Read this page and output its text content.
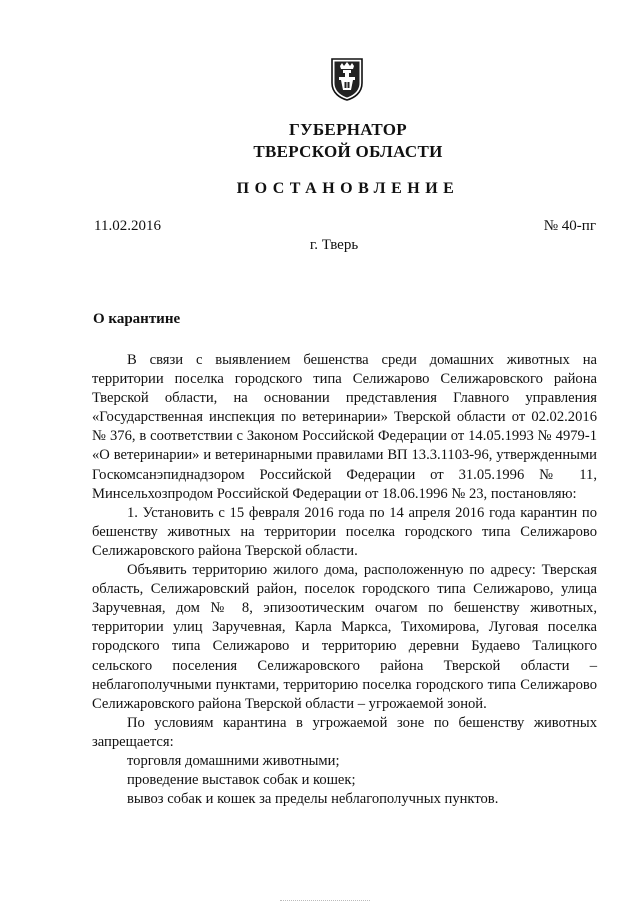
ГУБЕРНАТОР
ТВЕРСКОЙ ОБЛАСТИ
ПОСТАНОВЛЕНИЕ
11.02.2016	№ 40-пг
г. Тверь
О карантине

В связи с выявлением бешенства среди домашних животных на территории поселка городского типа Селижарово Селижаровского района Тверской области, на основании представления Главного управления «Государственная инспекция по ветеринарии» Тверской области от 02.02.2016 № 376, в соответствии с Законом Российской Федерации от 14.05.1993 № 4979-1 «О ветеринарии» и ветеринарными правилами ВП 13.3.1103-96, утвержденными Госкомсанэпиднадзором Российской Федерации от 31.05.1996 № 11, Минсельхозпродом Российской Федерации от 18.06.1996 № 23, постановляю:

1. Установить с 15 февраля 2016 года по 14 апреля 2016 года карантин по бешенству животных на территории поселка городского типа Селижарово Селижаровского района Тверской области.

Объявить территорию жилого дома, расположенную по адресу: Тверская область, Селижаровский район, поселок городского типа Селижарово, улица Заручевная, дом № 8, эпизоотическим очагом по бешенству животных, территории улиц Заручевная, Карла Маркса, Тихомирова, Луговая поселка городского типа Селижарово и территорию деревни Будаево Талицкого сельского поселения Селижаровского района Тверской области – неблагополучными пунктами, территорию поселка городского типа Селижарово Селижаровского района Тверской области – угрожаемой зоной.

По условиям карантина в угрожаемой зоне по бешенству животных запрещается:

торговля домашними животными;

проведение выставок собак и кошек;

вывоз собак и кошек за пределы неблагополучных пунктов.
